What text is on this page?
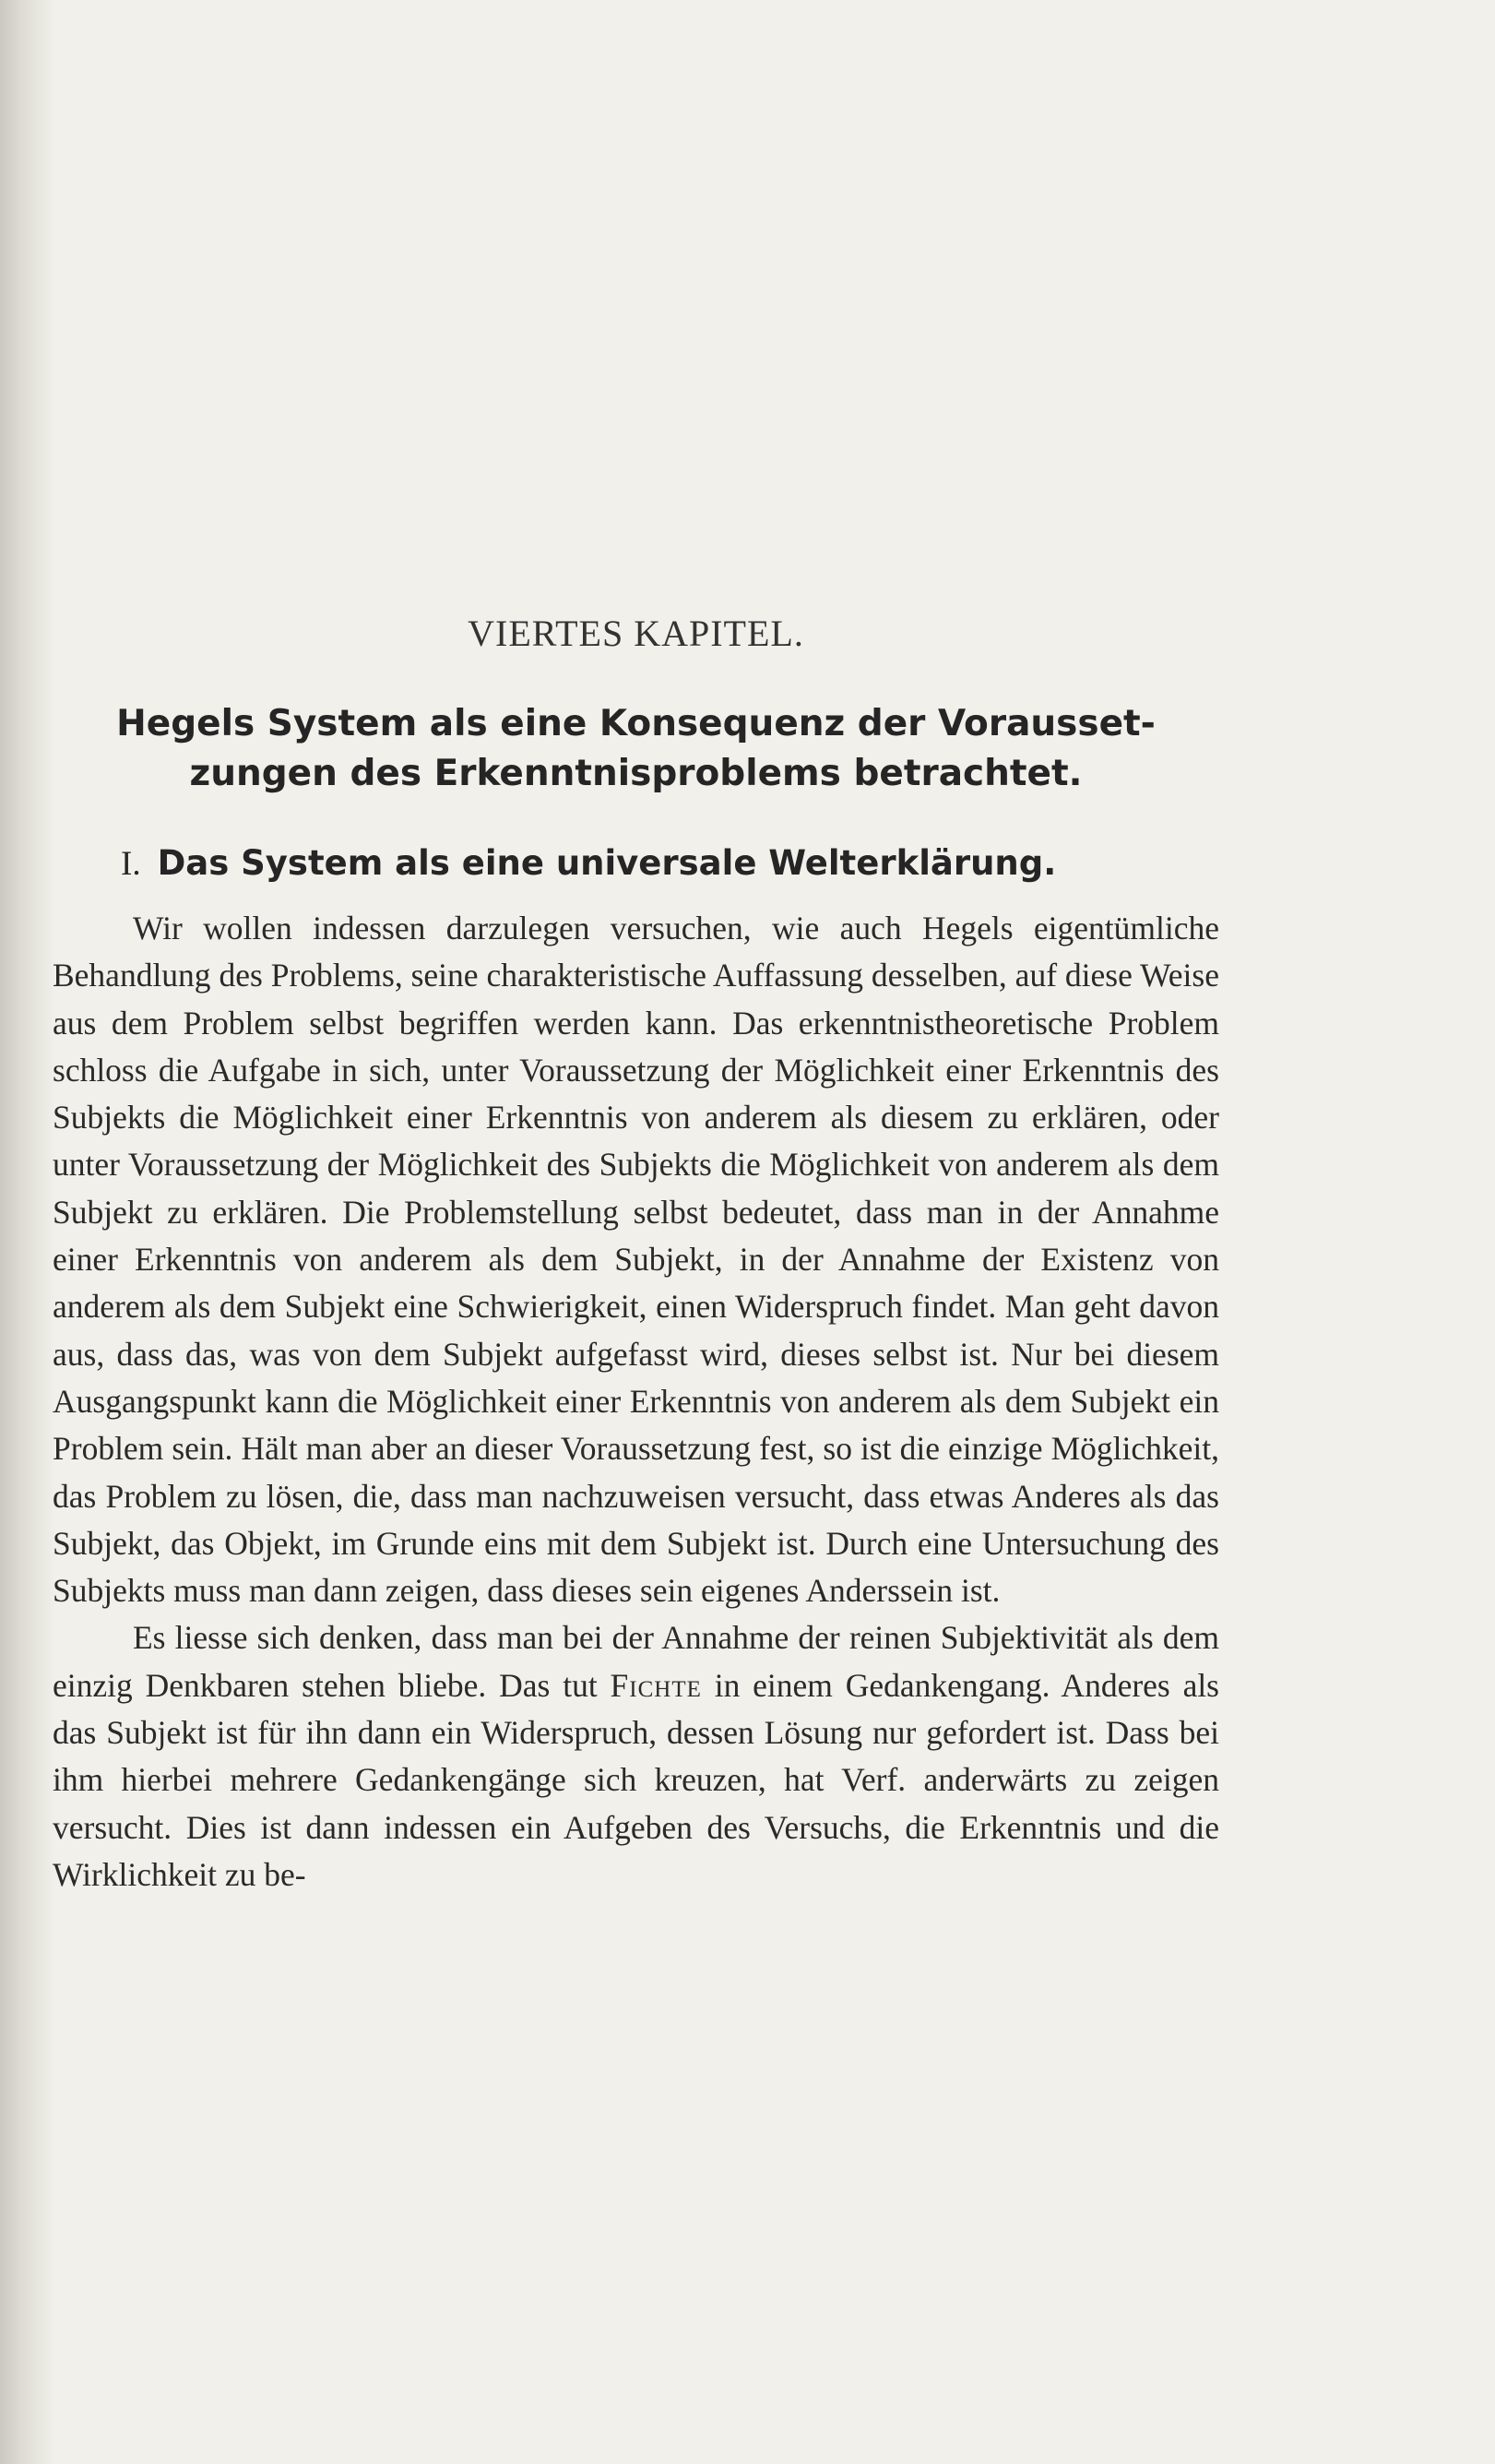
VIERTES KAPITEL.
Hegels System als eine Konsequenz der Vorausset-
zungen des Erkenntnisproblems betrachtet.
I. Das System als eine universale Welterklärung.

Wir wollen indessen darzulegen versuchen, wie auch Hegels eigentümliche Behandlung des Problems, seine charakteristische Auffassung desselben, auf diese Weise aus dem Problem selbst begriffen werden kann. Das erkenntnistheoretische Problem schloss die Aufgabe in sich, unter Voraussetzung der Möglichkeit einer Erkenntnis des Subjekts die Möglichkeit einer Erkenntnis von anderem als diesem zu erklären, oder unter Voraussetzung der Möglichkeit des Subjekts die Möglichkeit von anderem als dem Subjekt zu erklären. Die Problemstellung selbst bedeutet, dass man in der Annahme einer Erkenntnis von anderem als dem Subjekt, in der Annahme der Existenz von anderem als dem Subjekt eine Schwierigkeit, einen Widerspruch findet. Man geht davon aus, dass das, was von dem Subjekt aufgefasst wird, dieses selbst ist. Nur bei diesem Ausgangspunkt kann die Möglichkeit einer Erkenntnis von anderem als dem Subjekt ein Problem sein. Hält man aber an dieser Voraussetzung fest, so ist die einzige Möglichkeit, das Problem zu lösen, die, dass man nachzuweisen versucht, dass etwas Anderes als das Subjekt, das Objekt, im Grunde eins mit dem Subjekt ist. Durch eine Untersuchung des Subjekts muss man dann zeigen, dass dieses sein eigenes Anderssein ist.

Es liesse sich denken, dass man bei der Annahme der reinen Subjektivität als dem einzig Denkbaren stehen bliebe. Das tut Fichte in einem Gedankengang. Anderes als das Subjekt ist für ihn dann ein Widerspruch, dessen Lösung nur gefordert ist. Dass bei ihm hierbei mehrere Gedankengänge sich kreuzen, hat Verf. anderwärts zu zeigen versucht. Dies ist dann indessen ein Aufgeben des Versuchs, die Erkenntnis und die Wirklichkeit zu be-
